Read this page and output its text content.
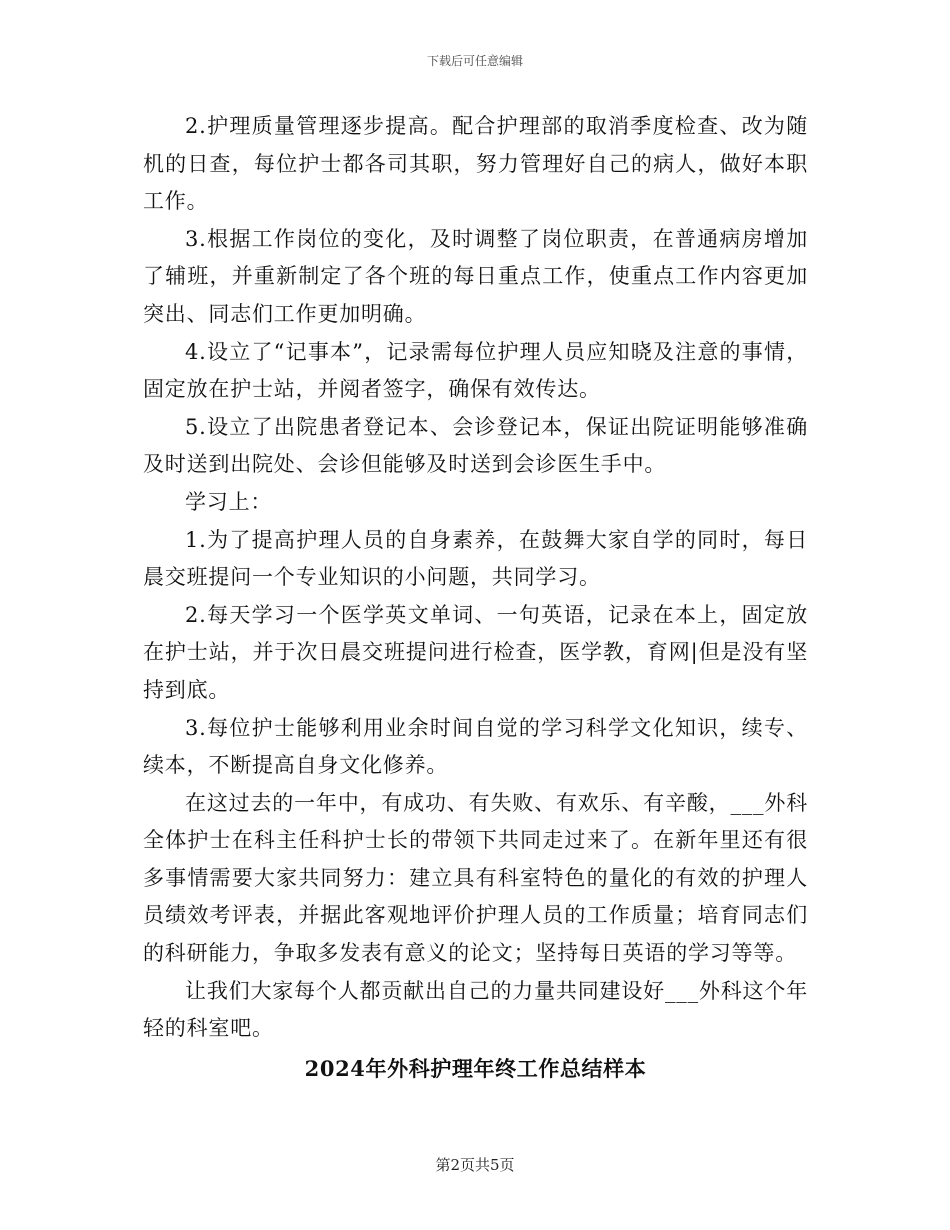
下载后可任意编辑

2.护理质量管理逐步提高。配合护理部的取消季度检查、改为随机的日查，每位护士都各司其职，努力管理好自己的病人，做好本职工作。

3.根据工作岗位的变化，及时调整了岗位职责，在普通病房增加了辅班，并重新制定了各个班的每日重点工作，使重点工作内容更加突出、同志们工作更加明确。

4.设立了“记事本”，记录需每位护理人员应知晓及注意的事情，固定放在护士站，并阅者签字，确保有效传达。

5.设立了出院患者登记本、会诊登记本，保证出院证明能够准确及时送到出院处、会诊但能够及时送到会诊医生手中。

学习上：

1.为了提高护理人员的自身素养，在鼓舞大家自学的同时，每日晨交班提问一个专业知识的小问题，共同学习。

2.每天学习一个医学英文单词、一句英语，记录在本上，固定放在护士站，并于次日晨交班提问进行检查，医学教，育网|但是没有坚持到底。

3.每位护士能够利用业余时间自觉的学习科学文化知识，续专、续本，不断提高自身文化修养。

在这过去的一年中，有成功、有失败、有欢乐、有辛酸，___外科全体护士在科主任科护士长的带领下共同走过来了。在新年里还有很多事情需要大家共同努力：建立具有科室特色的量化的有效的护理人员绩效考评表，并据此客观地评价护理人员的工作质量；培育同志们的科研能力，争取多发表有意义的论文；坚持每日英语的学习等等。

让我们大家每个人都贡献出自己的力量共同建设好___外科这个年轻的科室吧。

2024年外科护理年终工作总结样本
第2页共5页
